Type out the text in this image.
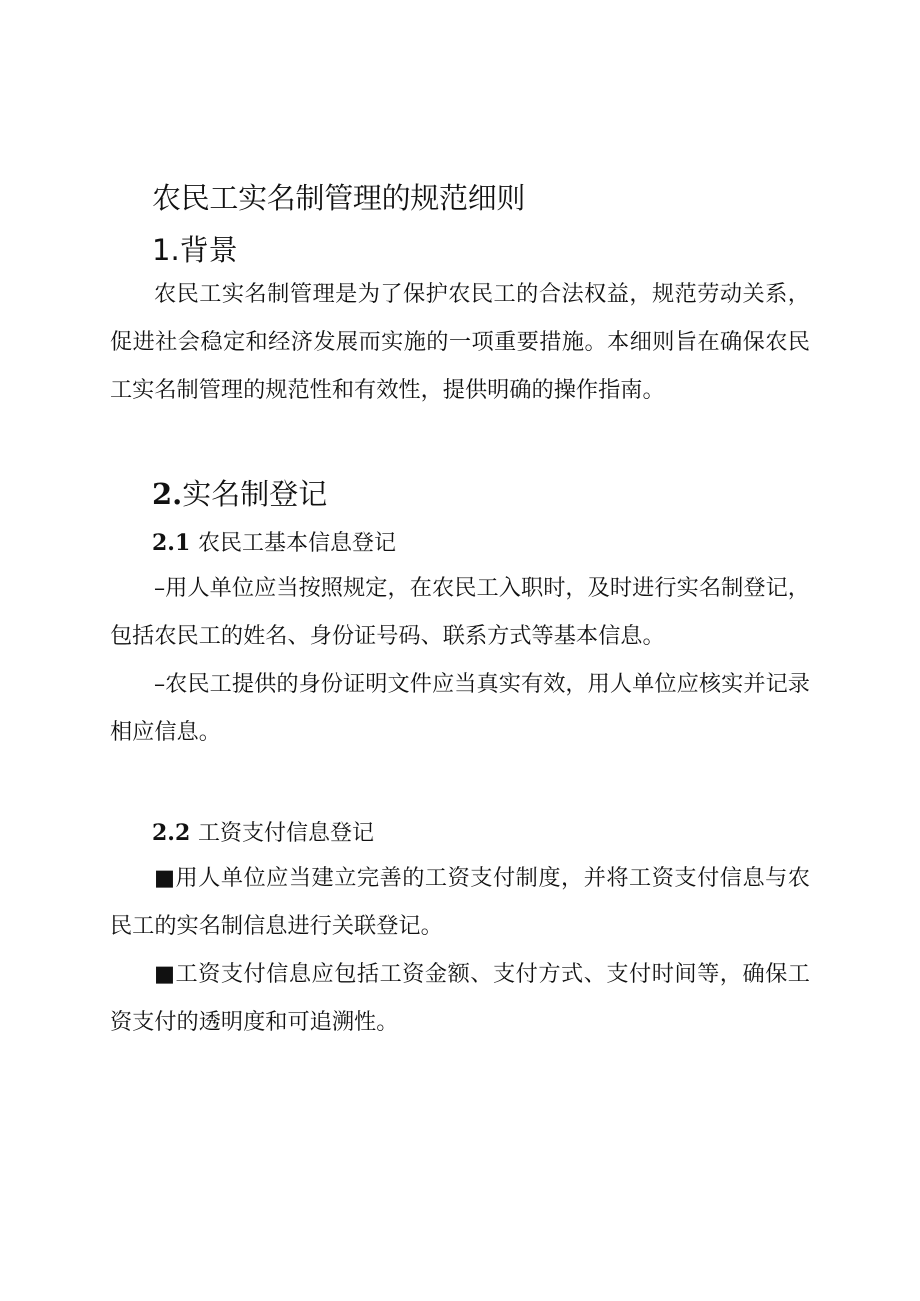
农民工实名制管理的规范细则
1.背景

农民工实名制管理是为了保护农民工的合法权益，规范劳动关系，促进社会稳定和经济发展而实施的一项重要措施。本细则旨在确保农民工实名制管理的规范性和有效性，提供明确的操作指南。

2.实名制登记
2.1 农民工基本信息登记

–用人单位应当按照规定，在农民工入职时，及时进行实名制登记，包括农民工的姓名、身份证号码、联系方式等基本信息。

–农民工提供的身份证明文件应当真实有效，用人单位应核实并记录相应信息。

2.2 工资支付信息登记

■用人单位应当建立完善的工资支付制度，并将工资支付信息与农民工的实名制信息进行关联登记。

■工资支付信息应包括工资金额、支付方式、支付时间等，确保工资支付的透明度和可追溯性。
